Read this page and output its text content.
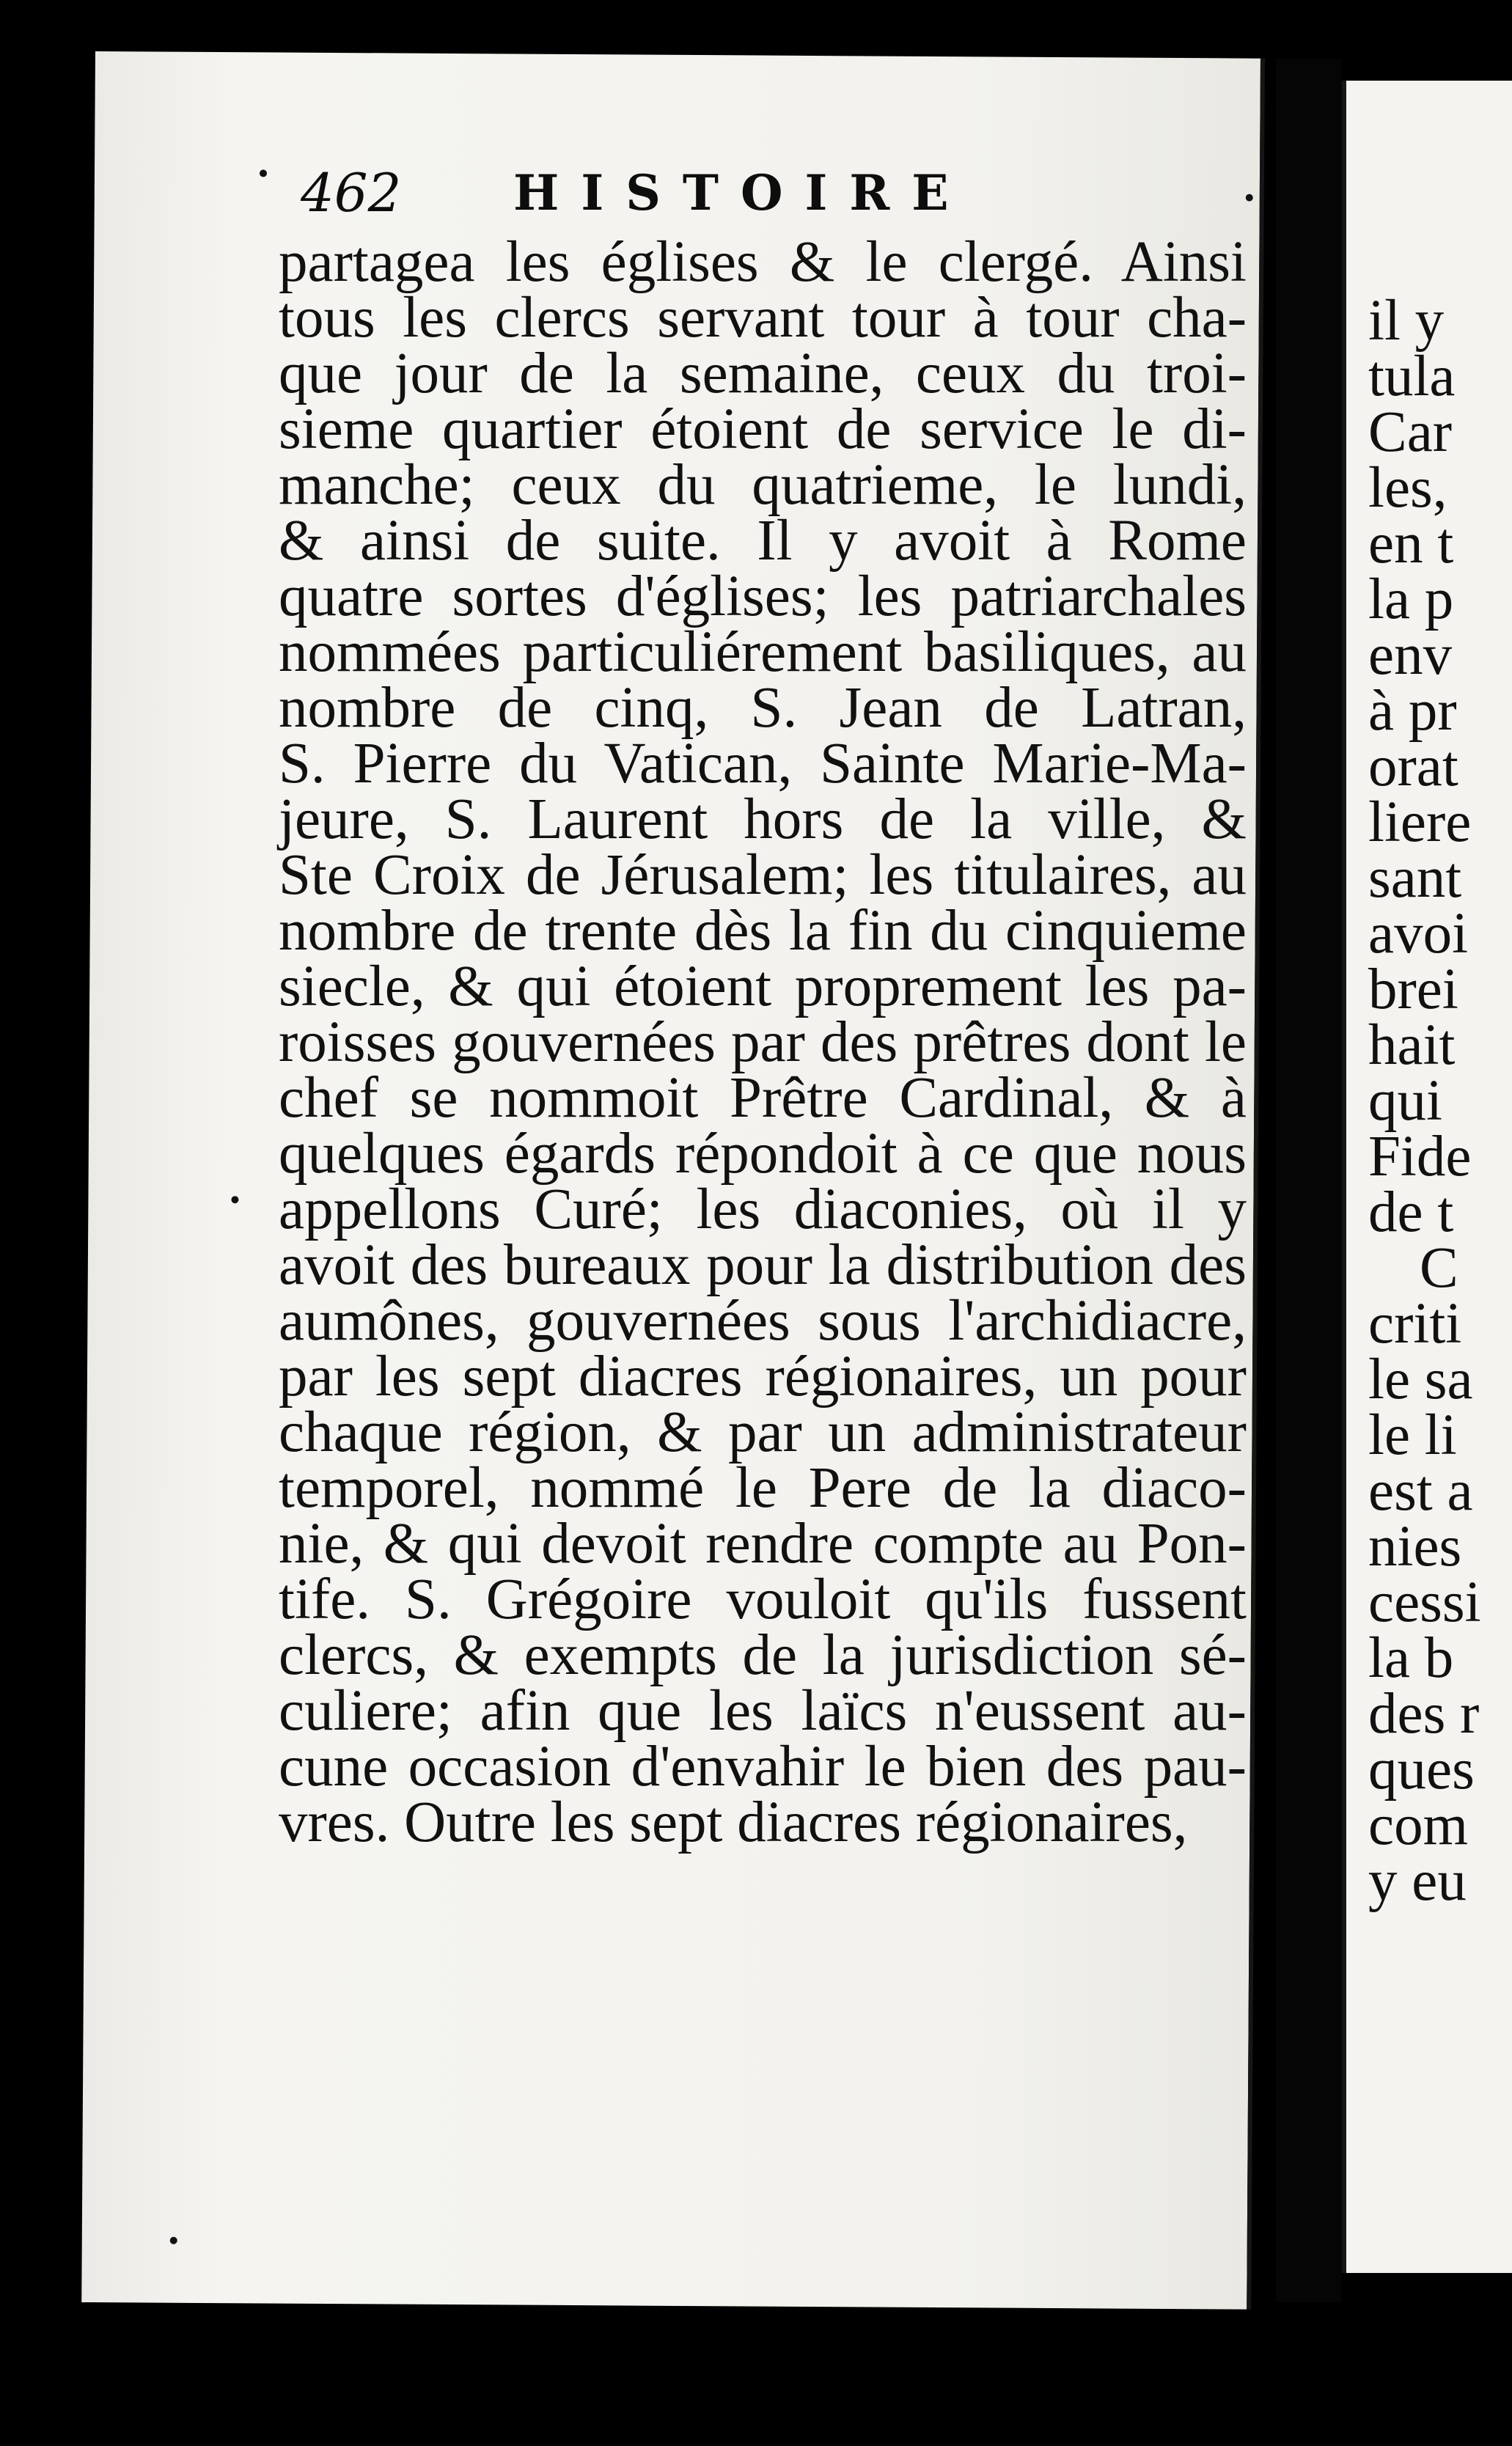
462 HISTOIRE
partagea les églises & le clergé. Ainsi
tous les clercs servant tour à tour cha-
que jour de la semaine, ceux du troi-
sieme quartier étoient de service le di-
manche; ceux du quatrieme, le lundi,
& ainsi de suite. Il y avoit à Rome
quatre sortes d'églises; les patriarchales
nommées particuliérement basiliques, au
nombre de cinq, S. Jean de Latran,
S. Pierre du Vatican, Sainte Marie-Ma-
jeure, S. Laurent hors de la ville, &
Ste Croix de Jérusalem; les titulaires, au
nombre de trente dès la fin du cinquieme
siecle, & qui étoient proprement les pa-
roisses gouvernées par des prêtres dont le
chef se nommoit Prêtre Cardinal, & à
quelques égards répondoit à ce que nous
appellons Curé; les diaconies, où il y
avoit des bureaux pour la distribution des
aumônes, gouvernées sous l'archidiacre,
par les sept diacres régionaires, un pour
chaque région, & par un administrateur
temporel, nommé le Pere de la diaco-
nie, & qui devoit rendre compte au Pon-
tife. S. Grégoire vouloit qu'ils fussent
clercs, & exempts de la jurisdiction sé-
culiere; afin que les laïcs n'eussent au-
cune occasion d'envahir le bien des pau-
vres. Outre les sept diacres régionaires,
il y
tula
Car
les,
en t
la p
env
à pr
orat
liere
sant
avoi
brei
hait
qui
Fide
de t
C
criti
le sa
le li
est a
nies
cessi
la b
des r
ques
com
y eu
